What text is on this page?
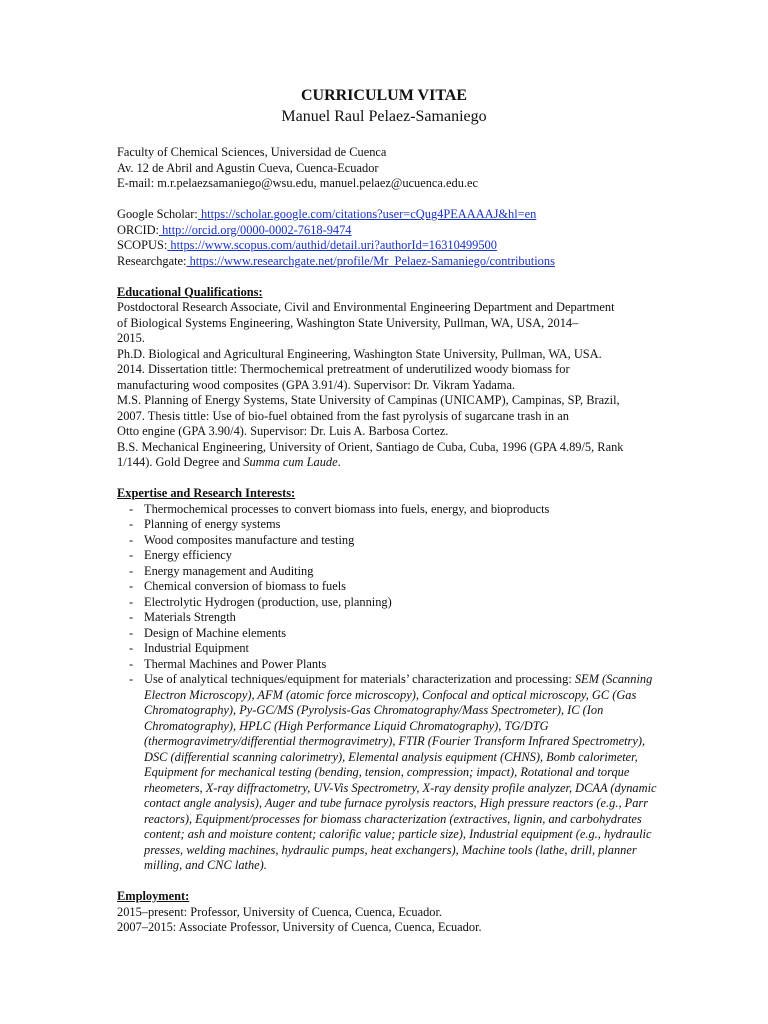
CURRICULUM VITAE
Manuel Raul Pelaez-Samaniego
Faculty of Chemical Sciences, Universidad de Cuenca
Av. 12 de Abril and Agustin Cueva, Cuenca-Ecuador
E-mail: m.r.pelaezsamaniego@wsu.edu, manuel.pelaez@ucuenca.edu.ec
Google Scholar: https://scholar.google.com/citations?user=cQug4PEAAAAJ&hl=en
ORCID: http://orcid.org/0000-0002-7618-9474
SCOPUS: https://www.scopus.com/authid/detail.uri?authorId=16310499500
Researchgate: https://www.researchgate.net/profile/Mr_Pelaez-Samaniego/contributions
Educational Qualifications:
Postdoctoral Research Associate, Civil and Environmental Engineering Department and Department
of Biological Systems Engineering, Washington State University, Pullman, WA, USA, 2014–
2015.
Ph.D. Biological and Agricultural Engineering, Washington State University, Pullman, WA, USA.
2014. Dissertation tittle: Thermochemical pretreatment of underutilized woody biomass for
manufacturing wood composites (GPA 3.91/4). Supervisor: Dr. Vikram Yadama.
M.S. Planning of Energy Systems, State University of Campinas (UNICAMP), Campinas, SP, Brazil,
2007. Thesis tittle: Use of bio-fuel obtained from the fast pyrolysis of sugarcane trash in an
Otto engine (GPA 3.90/4). Supervisor: Dr. Luis A. Barbosa Cortez.
B.S. Mechanical Engineering, University of Orient, Santiago de Cuba, Cuba, 1996 (GPA 4.89/5, Rank
1/144). Gold Degree and Summa cum Laude.
Expertise and Research Interests:
- Thermochemical processes to convert biomass into fuels, energy, and bioproducts
- Planning of energy systems
- Wood composites manufacture and testing
- Energy efficiency
- Energy management and Auditing
- Chemical conversion of biomass to fuels
- Electrolytic Hydrogen (production, use, planning)
- Materials Strength
- Design of Machine elements
- Industrial Equipment
- Thermal Machines and Power Plants
- Use of analytical techniques/equipment for materials’ characterization and processing: SEM (Scanning Electron Microscopy), AFM (atomic force microscopy), Confocal and optical microscopy, GC (Gas Chromatography), Py-GC/MS (Pyrolysis-Gas Chromatography/Mass Spectrometer), IC (Ion Chromatography), HPLC (High Performance Liquid Chromatography), TG/DTG (thermogravimetry/differential thermogravimetry), FTIR (Fourier Transform Infrared Spectrometry), DSC (differential scanning calorimetry), Elemental analysis equipment (CHNS), Bomb calorimeter, Equipment for mechanical testing (bending, tension, compression; impact), Rotational and torque rheometers, X-ray diffractometry, UV-Vis Spectrometry, X-ray density profile analyzer, DCAA (dynamic contact angle analysis), Auger and tube furnace pyrolysis reactors, High pressure reactors (e.g., Parr reactors), Equipment/processes for biomass characterization (extractives, lignin, and carbohydrates content; ash and moisture content; calorific value; particle size), Industrial equipment (e.g., hydraulic presses, welding machines, hydraulic pumps, heat exchangers), Machine tools (lathe, drill, planner milling, and CNC lathe).
Employment:
2015–present: Professor, University of Cuenca, Cuenca, Ecuador.
2007–2015: Associate Professor, University of Cuenca, Cuenca, Ecuador.
